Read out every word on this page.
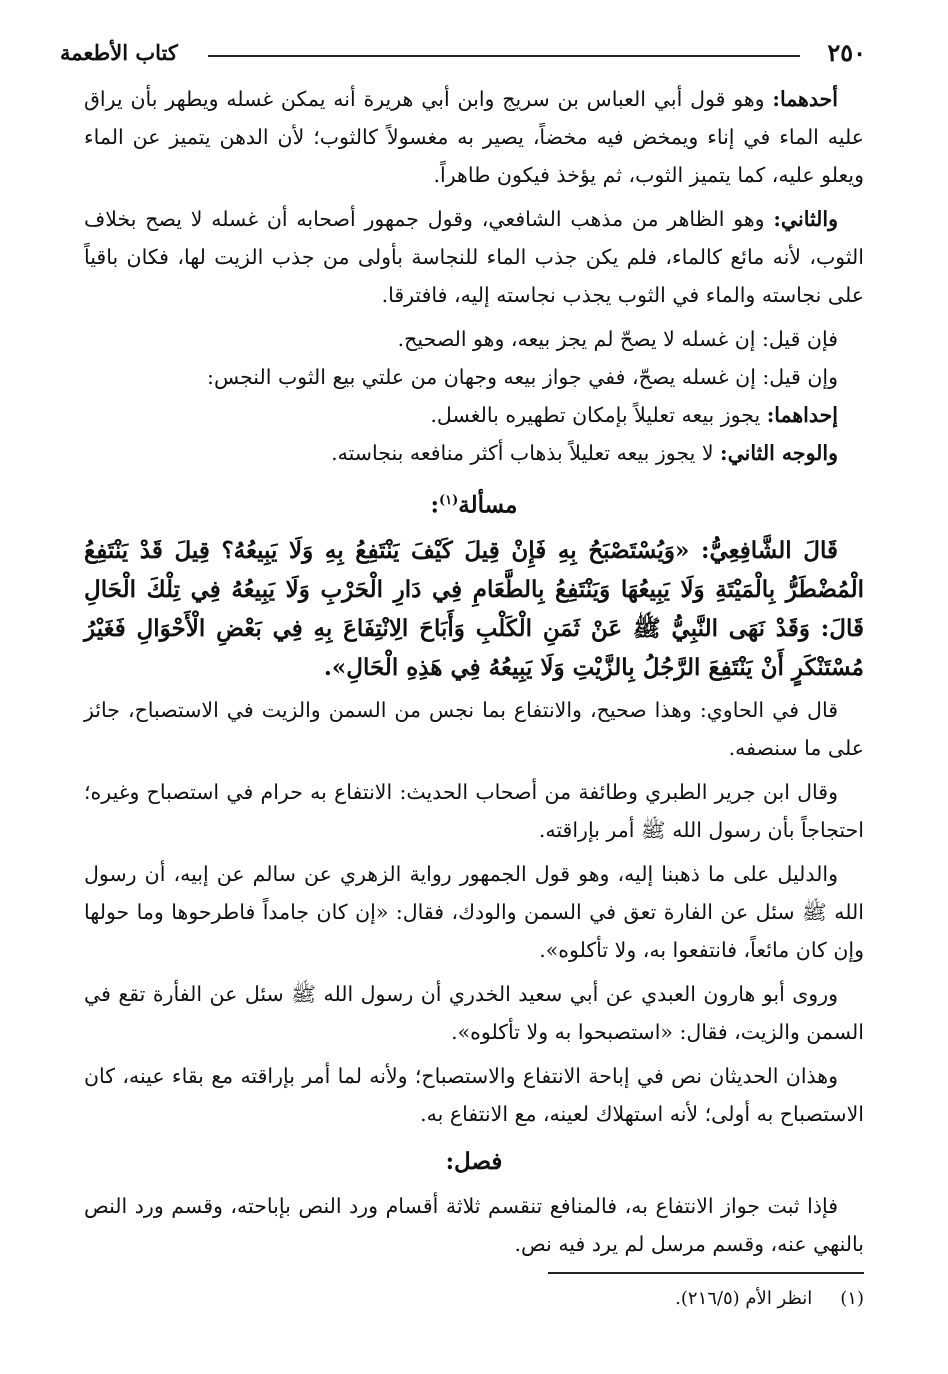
٢٥٠
كتاب الأطعمة

أحدهما: وهو قول أبي العباس بن سريج وابن أبي هريرة أنه يمكن غسله ويطهر بأن يراق عليه الماء في إناء ويمخض فيه مخضاً، يصير به مغسولاً كالثوب؛ لأن الدهن يتميز عن الماء ويعلو عليه، كما يتميز الثوب، ثم يؤخذ فيكون طاهراً.

والثاني: وهو الظاهر من مذهب الشافعي، وقول جمهور أصحابه أن غسله لا يصح بخلاف الثوب، لأنه مائع كالماء، فلم يكن جذب الماء للنجاسة بأولى من جذب الزيت لها، فكان باقياً على نجاسته والماء في الثوب يجذب نجاسته إليه، فافترقا.

فإن قيل: إن غسله لا يصحّ لم يجز بيعه، وهو الصحيح.

وإن قيل: إن غسله يصحّ، ففي جواز بيعه وجهان من علتي بيع الثوب النجس:

إحداهما: يجوز بيعه تعليلاً بإمكان تطهيره بالغسل.

والوجه الثاني: لا يجوز بيعه تعليلاً بذهاب أكثر منافعه بنجاسته.

مسألة$^{(١)}$:

قَالَ الشَّافِعِيُّ: «وَيُسْتَصْبَحُ بِهِ فَإِنْ قِيلَ كَيْفَ يَنْتَفِعُ بِهِ وَلَا يَبِيعُهُ؟ قِيلَ قَدْ يَنْتَفِعُ الْمُضْطَرُّ بِالْمَيْتَةِ وَلَا يَبِيعُهَا وَيَنْتَفِعُ بِالطَّعَامِ فِي دَارِ الْحَرْبِ وَلَا يَبِيعُهُ فِي تِلْكَ الْحَالِ قَالَ: وَقَدْ نَهَى النَّبِيُّ ﷺ عَنْ ثَمَنِ الْكَلْبِ وَأَبَاحَ الِانْتِفَاعَ بِهِ فِي بَعْضِ الْأَحْوَالِ فَغَيْرُ مُسْتَنْكَرٍ أَنْ يَنْتَفِعَ الرَّجُلُ بِالزَّيْتِ وَلَا يَبِيعُهُ فِي هَذِهِ الْحَالِ».

قال في الحاوي: وهذا صحيح، والانتفاع بما نجس من السمن والزيت في الاستصباح، جائز على ما سنصفه.

وقال ابن جرير الطبري وطائفة من أصحاب الحديث: الانتفاع به حرام في استصباح وغيره؛ احتجاجاً بأن رسول الله ﷺ أمر بإراقته.

والدليل على ما ذهبنا إليه، وهو قول الجمهور رواية الزهري عن سالم عن إبيه، أن رسول الله ﷺ سئل عن الفارة تعق في السمن والودك، فقال: «إن كان جامداً فاطرحوها وما حولها وإن كان مائعاً، فانتفعوا به، ولا تأكلوه».

وروى أبو هارون العبدي عن أبي سعيد الخدري أن رسول الله ﷺ سئل عن الفأرة تقع في السمن والزيت، فقال: «استصبحوا به ولا تأكلوه».

وهذان الحديثان نص في إباحة الانتفاع والاستصباح؛ ولأنه لما أمر بإراقته مع بقاء عينه، كان الاستصباح به أولى؛ لأنه استهلاك لعينه، مع الانتفاع به.

فصل:

فإذا ثبت جواز الانتفاع به، فالمنافع تنقسم ثلاثة أقسام ورد النص بإباحته، وقسم ورد النص بالنهي عنه، وقسم مرسل لم يرد فيه نص.

(١)انظر الأم (٢١٦/٥).
